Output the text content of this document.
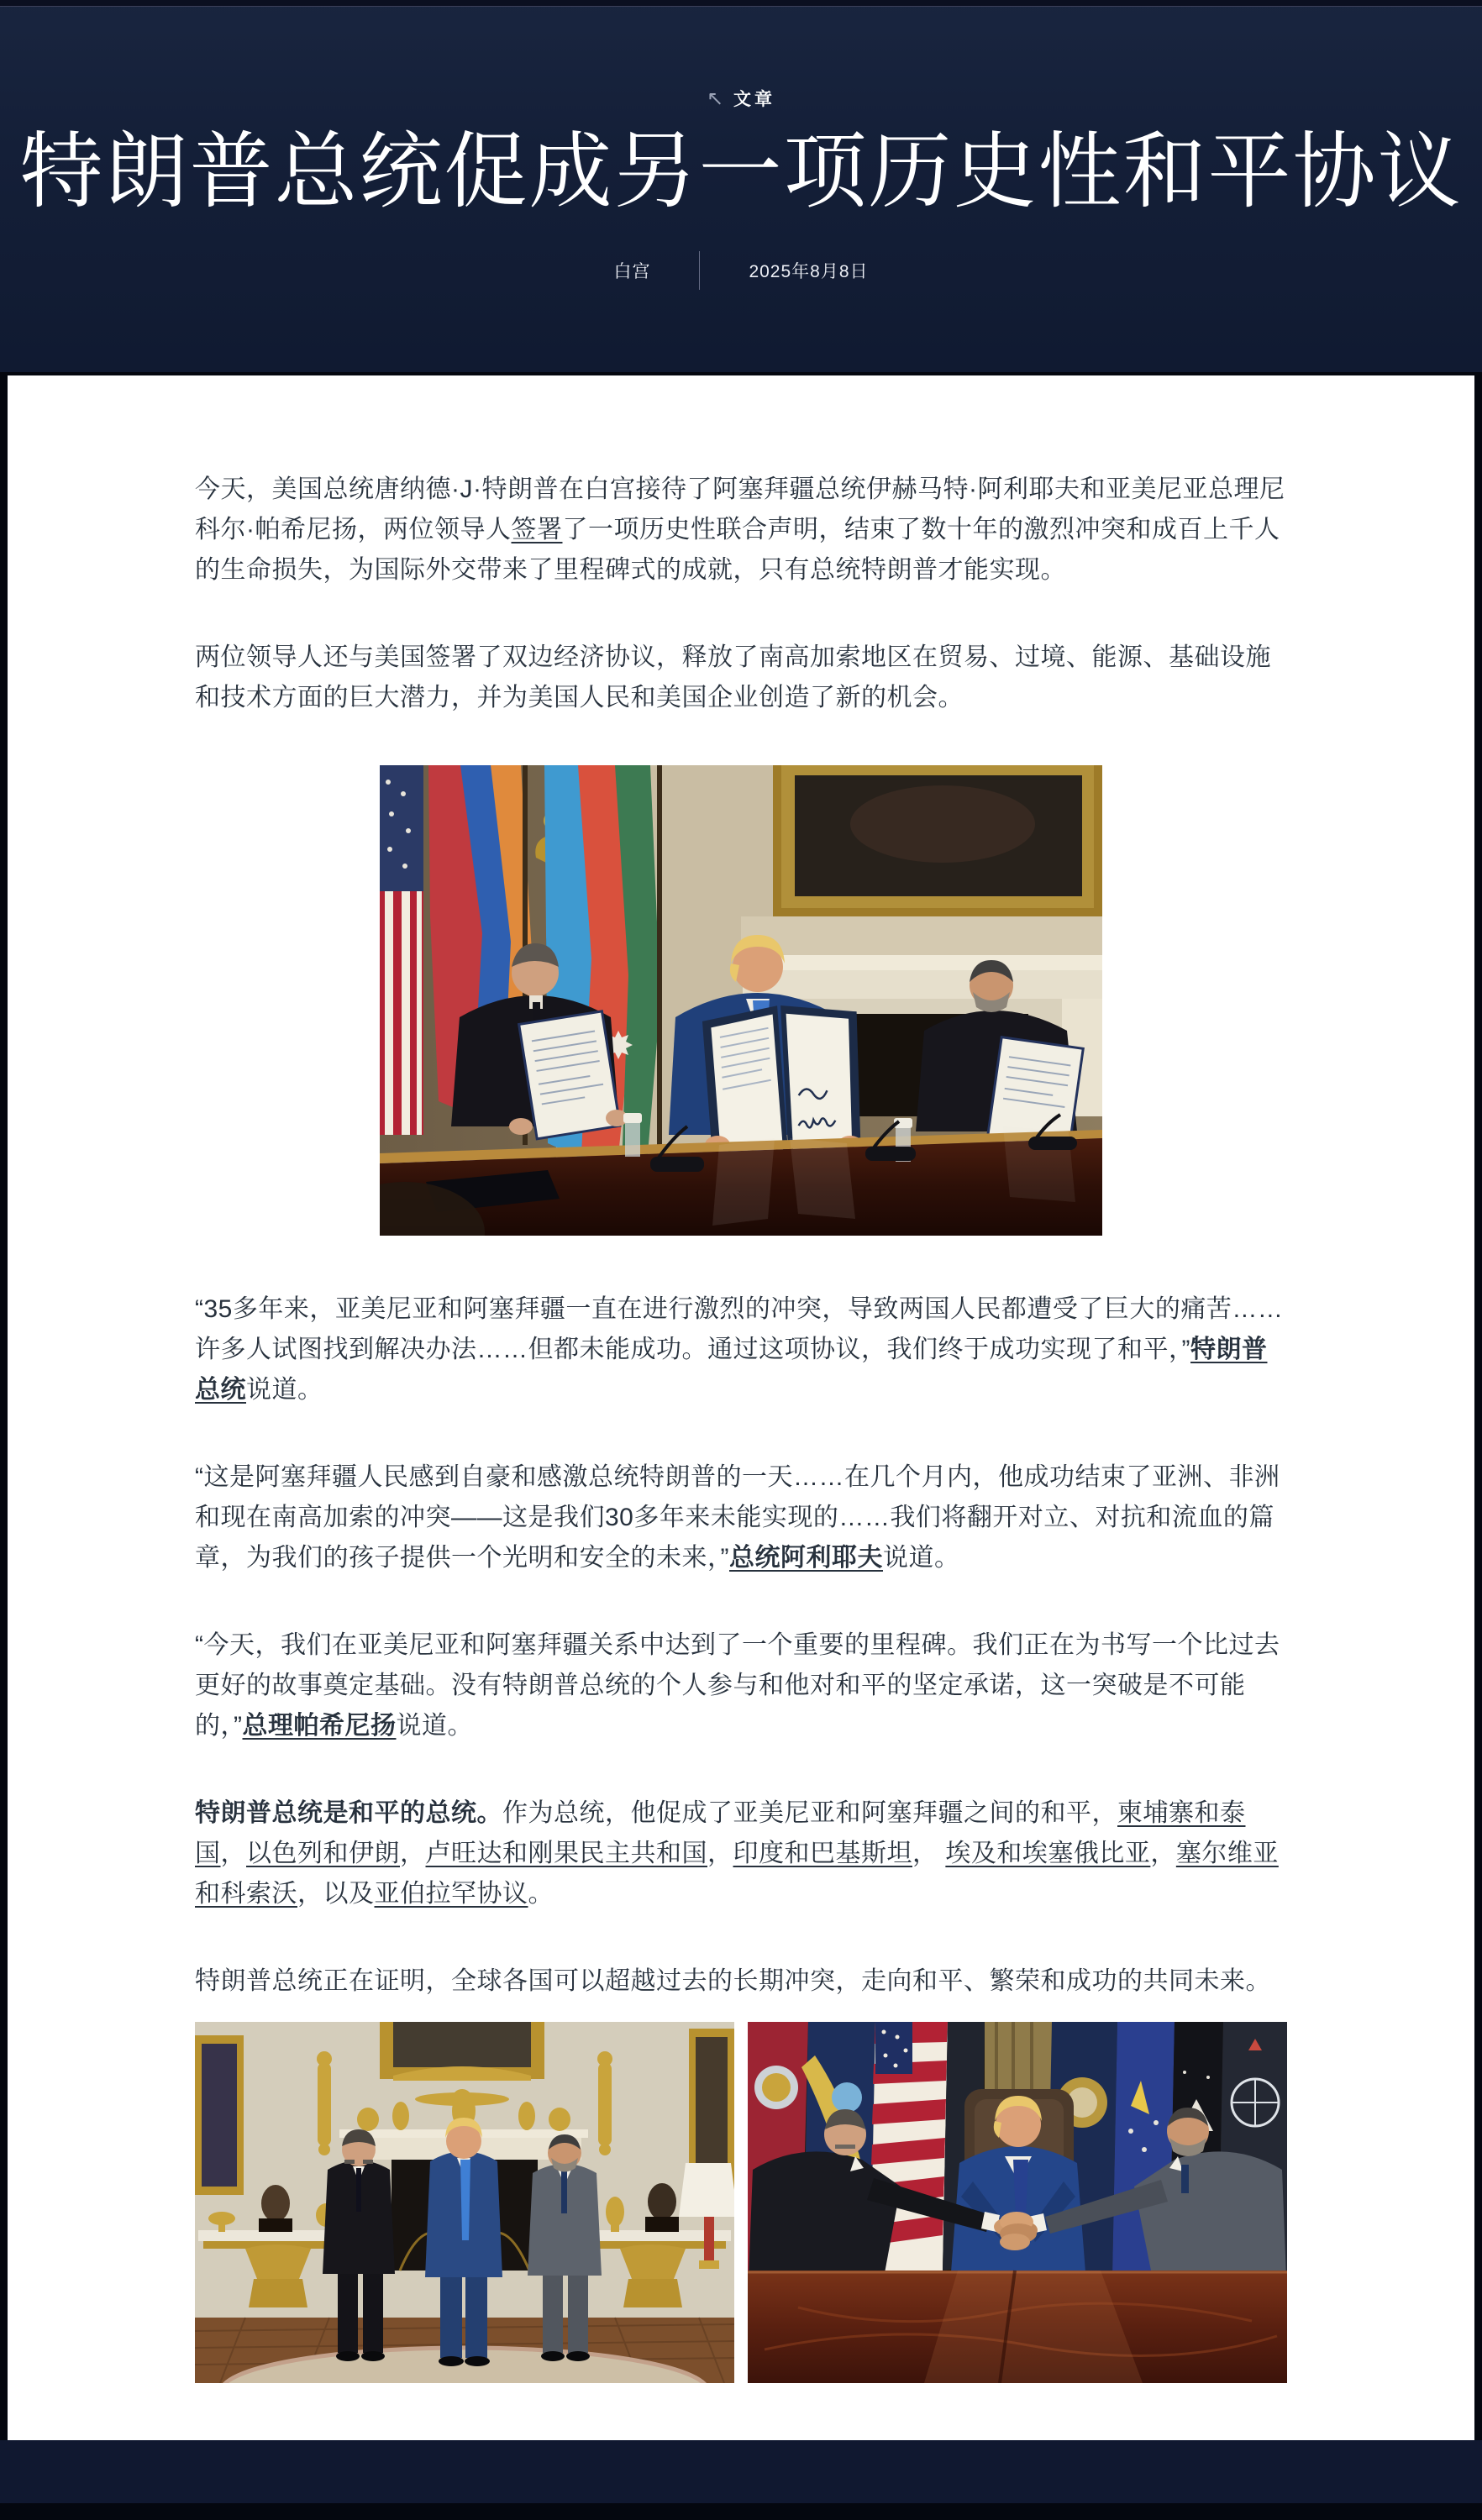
↖ 文章
特朗普总统促成另一项历史性和平协议
白宫	2025年8月8日

今天，美国总统唐纳德·J·特朗普在白宫接待了阿塞拜疆总统伊赫马特·阿利耶夫和亚美尼亚总理尼科尔·帕希尼扬，两位领导人签署了一项历史性联合声明，结束了数十年的激烈冲突和成百上千人的生命损失，为国际外交带来了里程碑式的成就，只有总统特朗普才能实现。

两位领导人还与美国签署了双边经济协议，释放了南高加索地区在贸易、过境、能源、基础设施和技术方面的巨大潜力，并为美国人民和美国企业创造了新的机会。

“35多年来，亚美尼亚和阿塞拜疆一直在进行激烈的冲突，导致两国人民都遭受了巨大的痛苦……许多人试图找到解决办法……但都未能成功。通过这项协议，我们终于成功实现了和平，”特朗普总统说道。

“这是阿塞拜疆人民感到自豪和感激总统特朗普的一天……在几个月内，他成功结束了亚洲、非洲和现在南高加索的冲突——这是我们30多年来未能实现的……我们将翻开对立、对抗和流血的篇章，为我们的孩子提供一个光明和安全的未来，”总统阿利耶夫说道。

“今天，我们在亚美尼亚和阿塞拜疆关系中达到了一个重要的里程碑。我们正在为书写一个比过去更好的故事奠定基础。没有特朗普总统的个人参与和他对和平的坚定承诺，这一突破是不可能的，”总理帕希尼扬说道。

特朗普总统是和平的总统。作为总统，他促成了亚美尼亚和阿塞拜疆之间的和平，柬埔寨和泰国，以色列和伊朗，卢旺达和刚果民主共和国，印度和巴基斯坦， 埃及和埃塞俄比亚，塞尔维亚和科索沃，以及亚伯拉罕协议。

特朗普总统正在证明，全球各国可以超越过去的长期冲突，走向和平、繁荣和成功的共同未来。
